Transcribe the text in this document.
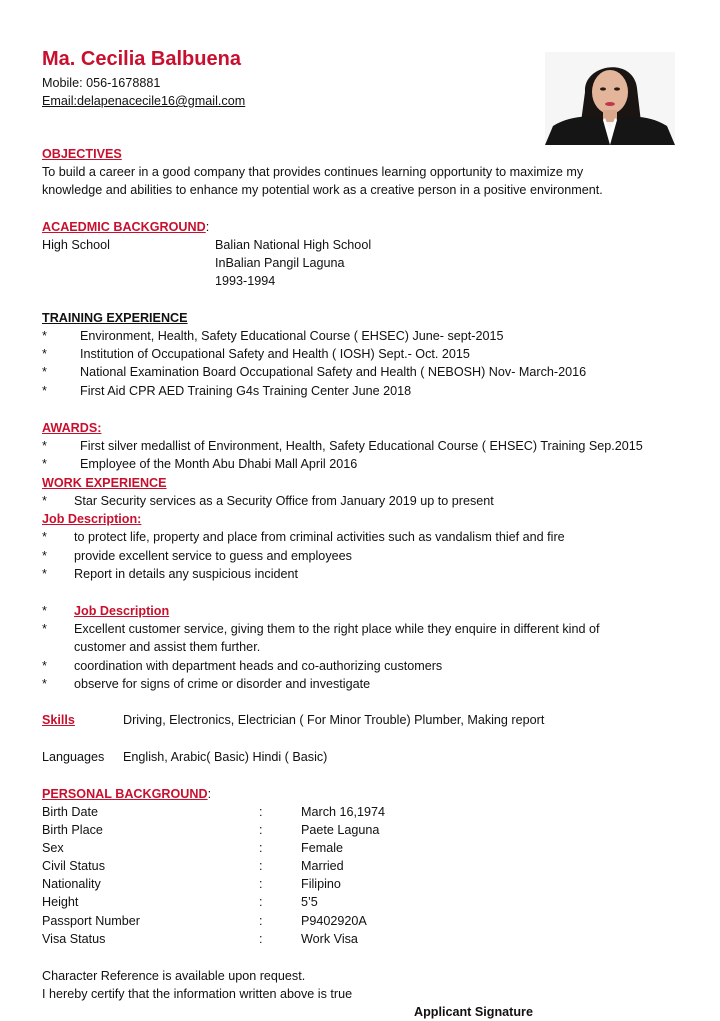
Ma. Cecilia Balbuena
Mobile: 056-1678881
Email:delapenacecile16@gmail.com
OBJECTIVES
To build a career in a good company that provides continues learning opportunity to maximize my
knowledge and abilities to enhance my potential work as a creative person in a positive environment.
ACAEDMIC BACKGROUND:
High School	Balian National High School
InBalian Pangil Laguna
1993-1994
TRAINING EXPERIENCE
*	Environment, Health, Safety Educational Course ( EHSEC) June- sept-2015
*	Institution of Occupational Safety and Health ( IOSH) Sept.- Oct. 2015
*	National Examination Board Occupational Safety and Health ( NEBOSH) Nov- March-2016
*	First Aid CPR AED Training G4s Training Center June 2018
AWARDS:
*	First silver medallist of Environment, Health, Safety Educational Course ( EHSEC) Training Sep.2015
*	Employee of the Month Abu Dhabi Mall April 2016
WORK EXPERIENCE
* Star Security services as a Security Office from January 2019 up to present
Job Description:
* to protect life, property and place from criminal activities such as vandalism thief and fire
* provide excellent service to guess and employees
* Report in details any suspicious incident
* Job Description
* Excellent customer service, giving them to the right place while they enquire in different kind of
customer and assist them further.
* coordination with department heads and co-authorizing customers
* observe for signs of crime or disorder and investigate
Skills	Driving, Electronics, Electrician ( For Minor Trouble) Plumber, Making report
Languages English, Arabic( Basic) Hindi ( Basic)
PERSONAL BACKGROUND:
Birth Date	:	March 16,1974
Birth Place	:	Paete Laguna
Sex	:	Female
Civil Status	:	Married
Nationality	:	Filipino
Height	:	5’5
Passport Number	:	P9402920A
Visa Status	:	Work Visa
Character Reference is available upon request.
I hereby certify that the information written above is true
Applicant Signature
